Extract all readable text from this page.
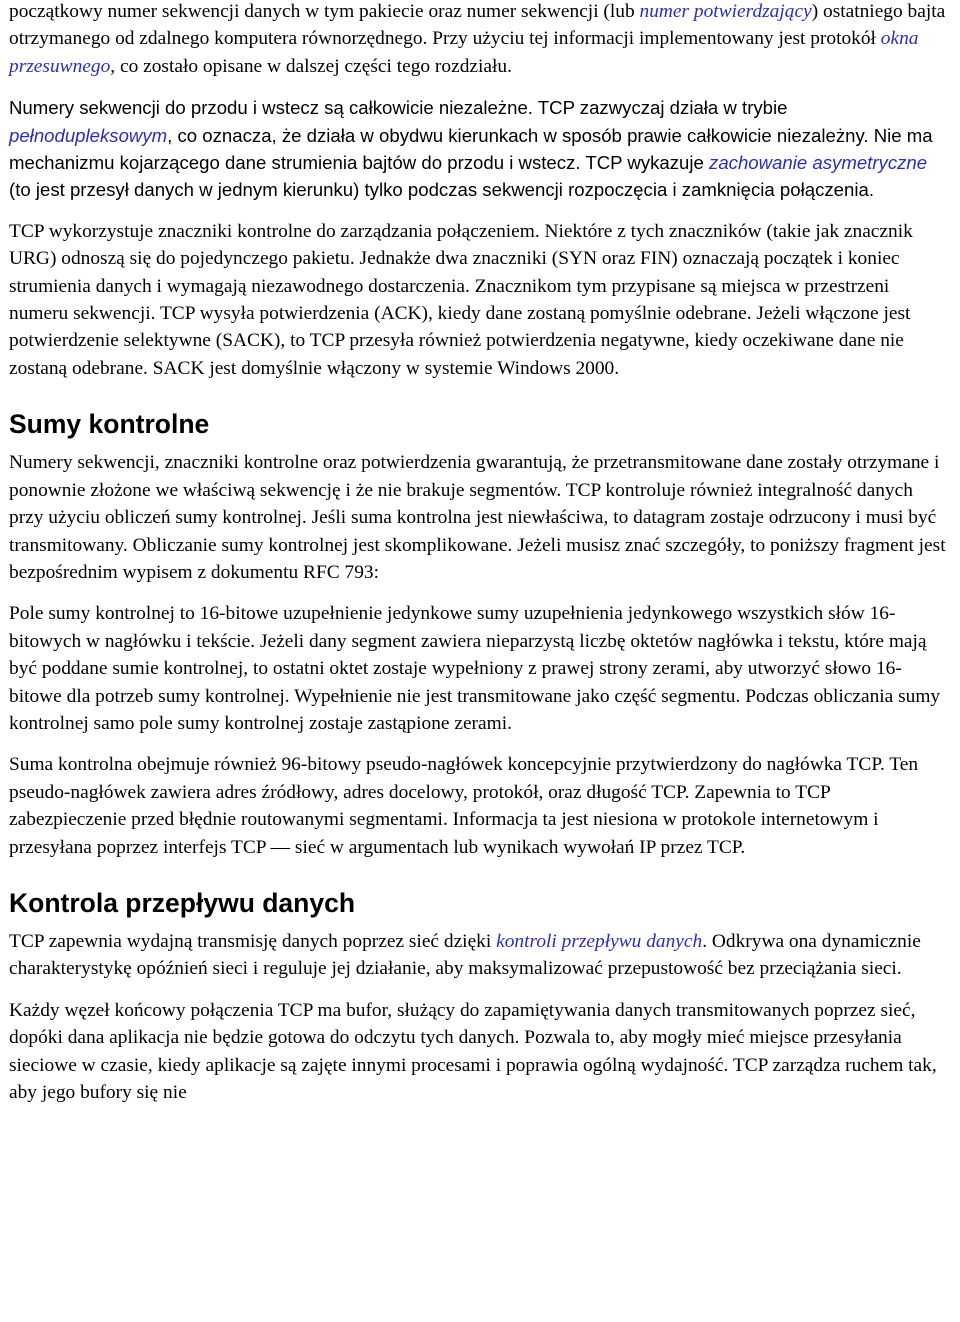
początkowy numer sekwencji danych w tym pakiecie oraz numer sekwencji (lub numer potwierdzający) ostatniego bajta otrzymanego od zdalnego komputera równorzędnego. Przy użyciu tej informacji implementowany jest protokół okna przesuwnego, co zostało opisane w dalszej części tego rozdziału.

Numery sekwencji do przodu i wstecz są całkowicie niezależne. TCP zazwyczaj działa w trybie pełnodupleksowym, co oznacza, że działa w obydwu kierunkach w sposób prawie całkowicie niezależny. Nie ma mechanizmu kojarzącego dane strumienia bajtów do przodu i wstecz. TCP wykazuje zachowanie asymetryczne (to jest przesył danych w jednym kierunku) tylko podczas sekwencji rozpoczęcia i zamknięcia połączenia.

TCP wykorzystuje znaczniki kontrolne do zarządzania połączeniem. Niektóre z tych znaczników (takie jak znacznik URG) odnoszą się do pojedynczego pakietu. Jednakże dwa znaczniki (SYN oraz FIN) oznaczają początek i koniec strumienia danych i wymagają niezawodnego dostarczenia. Znacznikom tym przypisane są miejsca w przestrzeni numeru sekwencji. TCP wysyła potwierdzenia (ACK), kiedy dane zostaną pomyślnie odebrane. Jeżeli włączone jest potwierdzenie selektywne (SACK), to TCP przesyła również potwierdzenia negatywne, kiedy oczekiwane dane nie zostaną odebrane. SACK jest domyślnie włączony w systemie Windows 2000.

Sumy kontrolne

Numery sekwencji, znaczniki kontrolne oraz potwierdzenia gwarantują, że przetransmitowane dane zostały otrzymane i ponownie złożone we właściwą sekwencję i że nie brakuje segmentów. TCP kontroluje również integralność danych przy użyciu obliczeń sumy kontrolnej. Jeśli suma kontrolna jest niewłaściwa, to datagram zostaje odrzucony i musi być transmitowany. Obliczanie sumy kontrolnej jest skomplikowane. Jeżeli musisz znać szczegóły, to poniższy fragment jest bezpośrednim wypisem z dokumentu RFC 793:

Pole sumy kontrolnej to 16-bitowe uzupełnienie jedynkowe sumy uzupełnienia jedynkowego wszystkich słów 16-bitowych w nagłówku i tekście. Jeżeli dany segment zawiera nieparzystą liczbę oktetów nagłówka i tekstu, które mają być poddane sumie kontrolnej, to ostatni oktet zostaje wypełniony z prawej strony zerami, aby utworzyć słowo 16-bitowe dla potrzeb sumy kontrolnej. Wypełnienie nie jest transmitowane jako część segmentu. Podczas obliczania sumy kontrolnej samo pole sumy kontrolnej zostaje zastąpione zerami.

Suma kontrolna obejmuje również 96-bitowy pseudo-nagłówek koncepcyjnie przytwierdzony do nagłówka TCP. Ten pseudo-nagłówek zawiera adres źródłowy, adres docelowy, protokół, oraz długość TCP. Zapewnia to TCP zabezpieczenie przed błędnie routowanymi segmentami. Informacja ta jest niesiona w protokole internetowym i przesyłana poprzez interfejs TCP — sieć w argumentach lub wynikach wywołań IP przez TCP.

Kontrola przepływu danych

TCP zapewnia wydajną transmisję danych poprzez sieć dzięki kontroli przepływu danych. Odkrywa ona dynamicznie charakterystykę opóźnień sieci i reguluje jej działanie, aby maksymalizować przepustowość bez przeciążania sieci.

Każdy węzeł końcowy połączenia TCP ma bufor, służący do zapamiętywania danych transmitowanych poprzez sieć, dopóki dana aplikacja nie będzie gotowa do odczytu tych danych. Pozwala to, aby mogły mieć miejsce przesyłania sieciowe w czasie, kiedy aplikacje są zajęte innymi procesami i poprawia ogólną wydajność. TCP zarządza ruchem tak, aby jego bufory się nie
